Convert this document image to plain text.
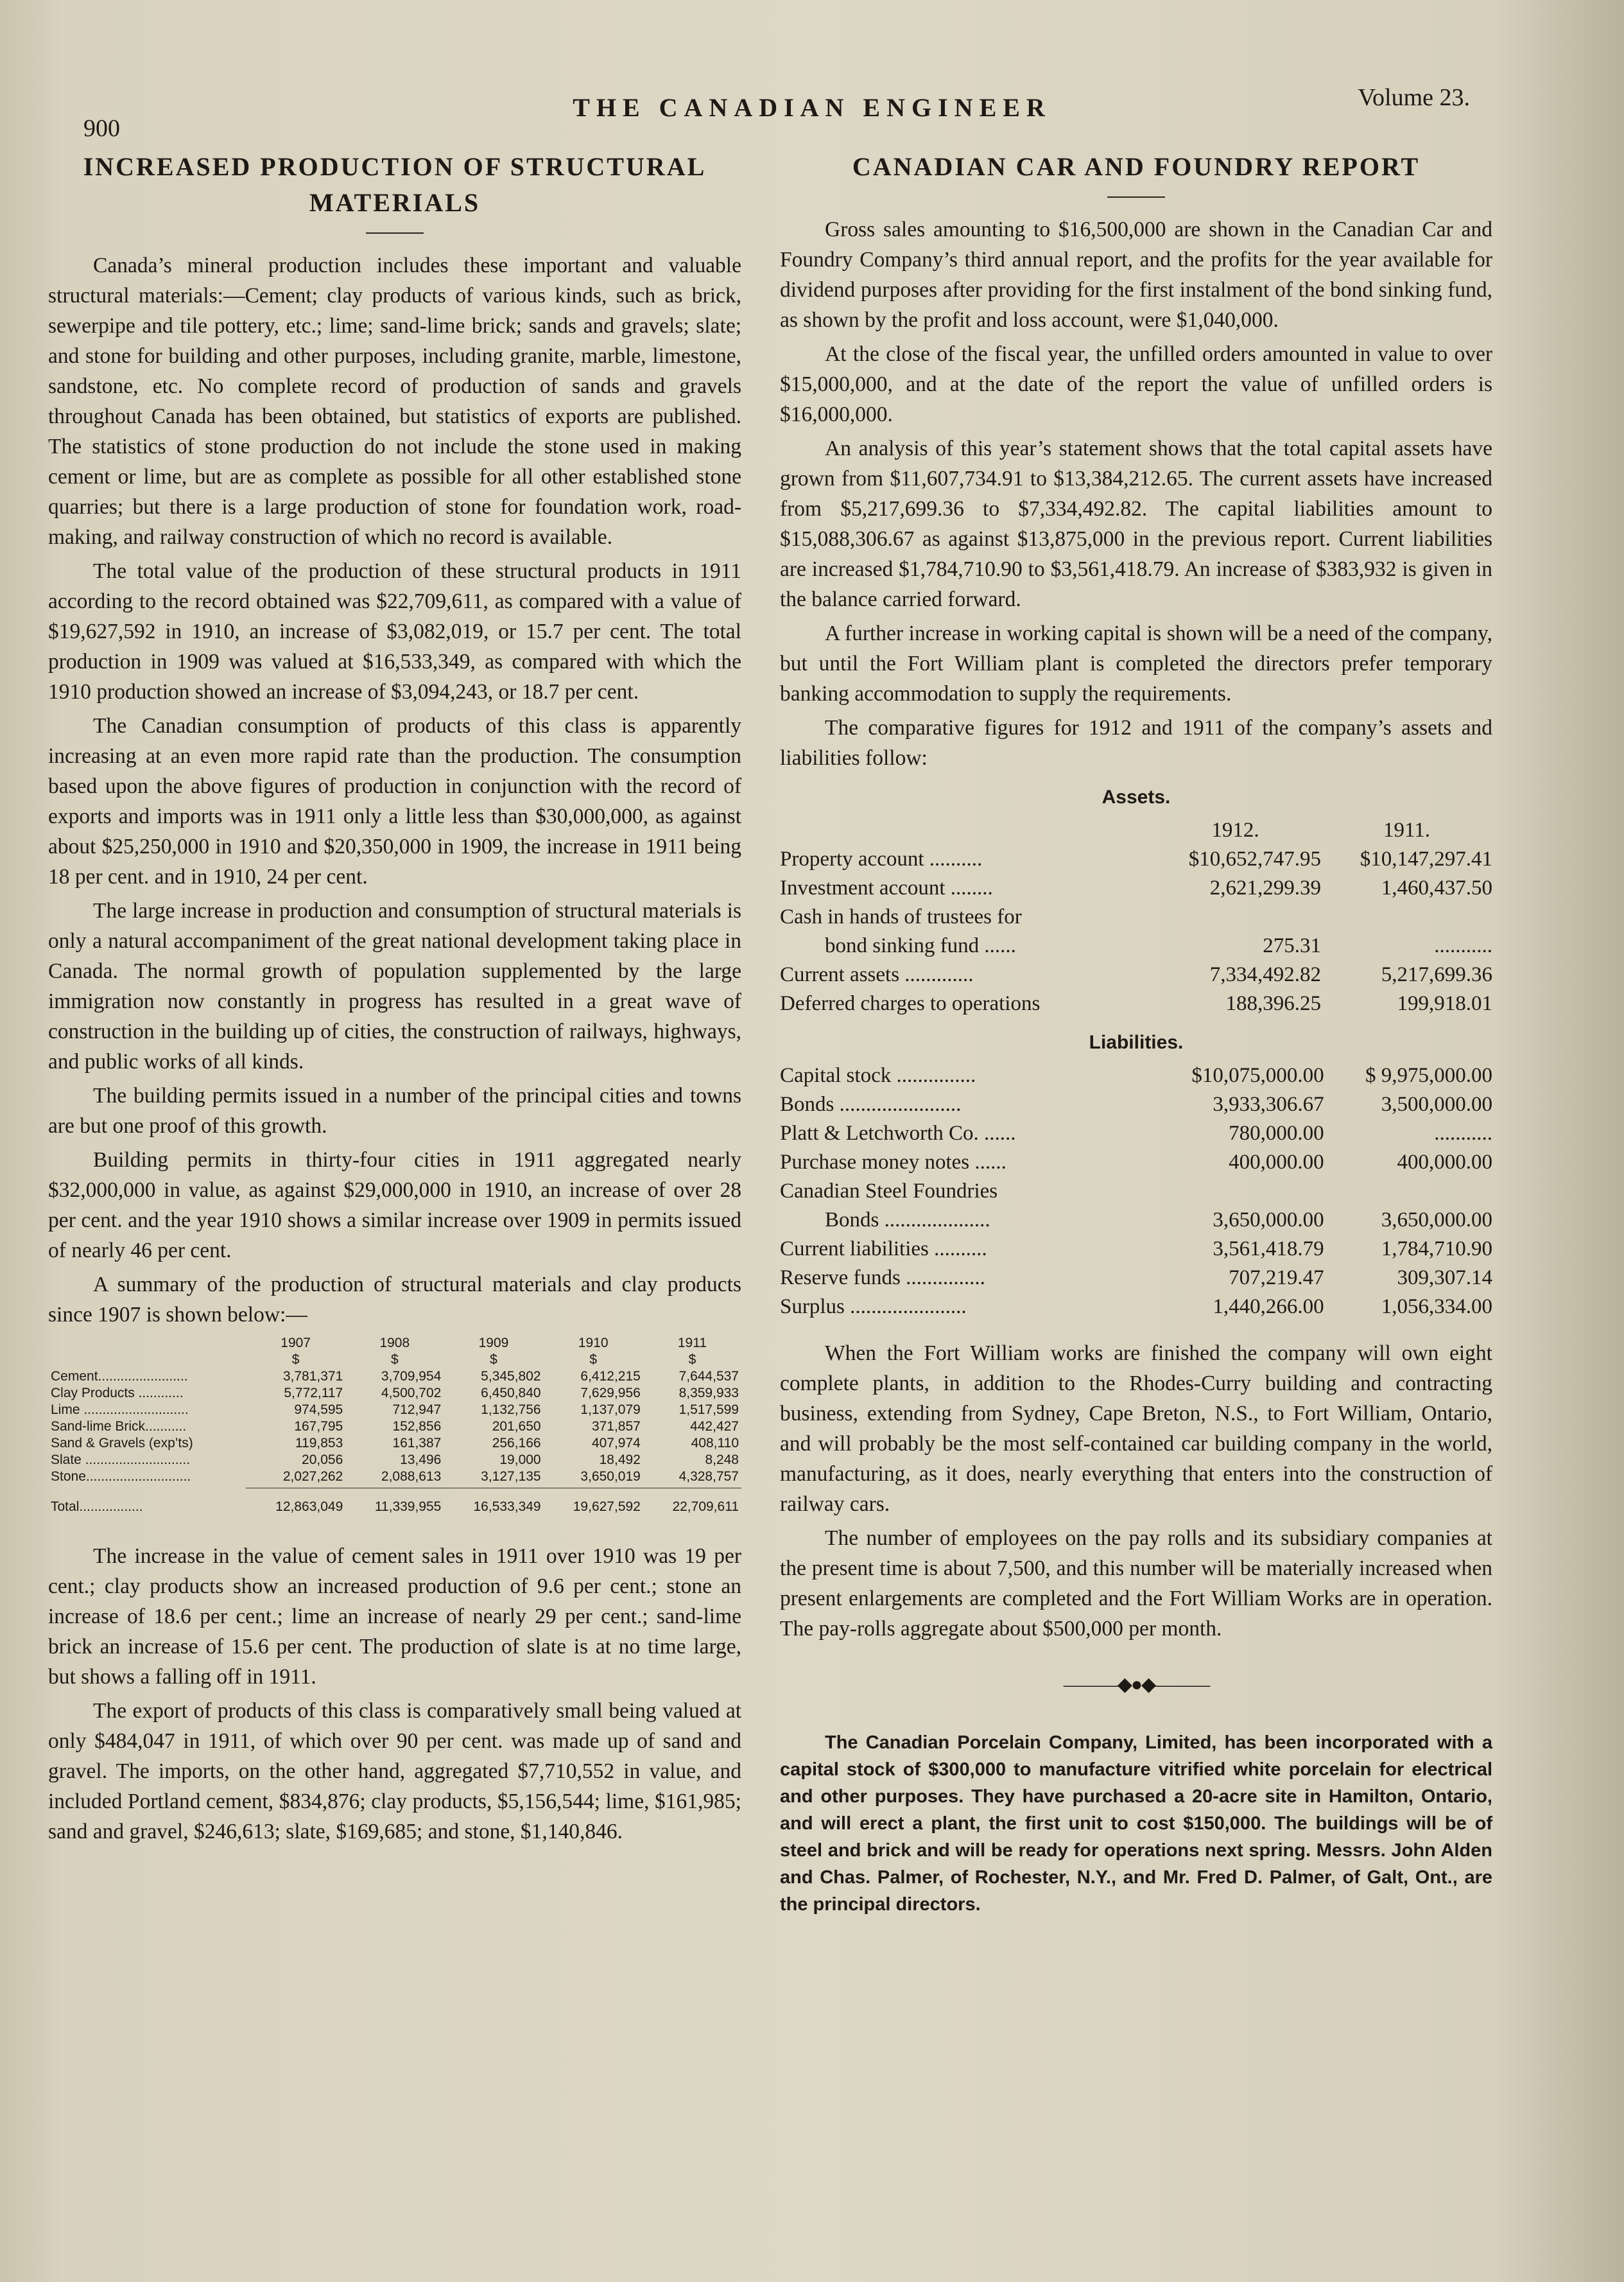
900
THE CANADIAN ENGINEER	Volume 23.
INCREASED PRODUCTION OF STRUCTURAL
MATERIALS

Canada’s mineral production includes these important and valuable structural materials:—Cement; clay products of various kinds, such as brick, sewerpipe and tile pottery, etc.; lime; sand-lime brick; sands and gravels; slate; and stone for building and other purposes, including granite, marble, limestone, sandstone, etc. No complete record of production of sands and gravels throughout Canada has been obtained, but statistics of exports are published. The statistics of stone production do not include the stone used in making cement or lime, but are as complete as possible for all other established stone quarries; but there is a large production of stone for foundation work, road-making, and railway construction of which no record is available.

The total value of the production of these structural products in 1911 according to the record obtained was $22,709,611, as compared with a value of $19,627,592 in 1910, an increase of $3,082,019, or 15.7 per cent. The total production in 1909 was valued at $16,533,349, as compared with which the 1910 production showed an increase of $3,094,243, or 18.7 per cent.

The Canadian consumption of products of this class is apparently increasing at an even more rapid rate than the production. The consumption based upon the above figures of production in conjunction with the record of exports and imports was in 1911 only a little less than $30,000,000, as against about $25,250,000 in 1910 and $20,350,000 in 1909, the increase in 1911 being 18 per cent. and in 1910, 24 per cent.

The large increase in production and consumption of structural materials is only a natural accompaniment of the great national development taking place in Canada. The normal growth of population supplemented by the large immigration now constantly in progress has resulted in a great wave of construction in the building up of cities, the construction of railways, highways, and public works of all kinds.

The building permits issued in a number of the principal cities and towns are but one proof of this growth.

Building permits in thirty-four cities in 1911 aggregated nearly $32,000,000 in value, as against $29,000,000 in 1910, an increase of over 28 per cent. and the year 1910 shows a similar increase over 1909 in permits issued of nearly 46 per cent.

A summary of the production of structural materials and clay products since 1907 is shown below:—

	1907	1908	1909	1910	1911
	$	$	$	$	$
Cement........................	3,781,371	3,709,954	5,345,802	6,412,215	7,644,537
Clay Products ............	5,772,117	4,500,702	6,450,840	7,629,956	8,359,933
Lime ............................	974,595	712,947	1,132,756	1,137,079	1,517,599
Sand-lime Brick...........	167,795	152,856	201,650	371,857	442,427
Sand & Gravels (exp’ts)	119,853	161,387	256,166	407,974	408,110
Slate ............................	20,056	13,496	19,000	18,492	8,248
Stone............................	2,027,262	2,088,613	3,127,135	3,650,019	4,328,757

Total.................	12,863,049	11,339,955	16,533,349	19,627,592	22,709,611

The increase in the value of cement sales in 1911 over 1910 was 19 per cent.; clay products show an increased production of 9.6 per cent.; stone an increase of 18.6 per cent.; lime an increase of nearly 29 per cent.; sand-lime brick an increase of 15.6 per cent. The production of slate is at no time large, but shows a falling off in 1911.

The export of products of this class is comparatively small being valued at only $484,047 in 1911, of which over 90 per cent. was made up of sand and gravel. The imports, on the other hand, aggregated $7,710,552 in value, and included Portland cement, $834,876; clay products, $5,156,544; lime, $161,985; sand and gravel, $246,613; slate, $169,685; and stone, $1,140,846.

CANADIAN CAR AND FOUNDRY REPORT

Gross sales amounting to $16,500,000 are shown in the Canadian Car and Foundry Company’s third annual report, and the profits for the year available for dividend purposes after providing for the first instalment of the bond sinking fund, as shown by the profit and loss account, were $1,040,000.

At the close of the fiscal year, the unfilled orders amounted in value to over $15,000,000, and at the date of the report the value of unfilled orders is $16,000,000.

An analysis of this year’s statement shows that the total capital assets have grown from $11,607,734.91 to $13,384,212.65. The current assets have increased from $5,217,699.36 to $7,334,492.82. The capital liabilities amount to $15,088,306.67 as against $13,875,000 in the previous report. Current liabilities are increased $1,784,710.90 to $3,561,418.79. An increase of $383,932 is given in the balance carried forward.

A further increase in working capital is shown will be a need of the company, but until the Fort William plant is completed the directors prefer temporary banking accommodation to supply the requirements.

The comparative figures for 1912 and 1911 of the company’s assets and liabilities follow:

Assets.
	1912.	1911.
Property account ..........	$10,652,747.95	$10,147,297.41
Investment account ........	2,621,299.39	1,460,437.50
Cash in hands of trustees for		
bond sinking fund ......	275.31	...........
Current assets .............	7,334,492.82	5,217,699.36
Deferred charges to operations	188,396.25	199,918.01
Liabilities.
Capital stock ...............	$10,075,000.00	$ 9,975,000.00
Bonds .......................	3,933,306.67	3,500,000.00
Platt & Letchworth Co. ......	780,000.00	...........
Purchase money notes ......	400,000.00	400,000.00
Canadian Steel Foundries		
Bonds ....................	3,650,000.00	3,650,000.00
Current liabilities ..........	3,561,418.79	1,784,710.90
Reserve funds ...............	707,219.47	309,307.14
Surplus ......................	1,440,266.00	1,056,334.00

When the Fort William works are finished the company will own eight complete plants, in addition to the Rhodes-Curry building and contracting business, extending from Sydney, Cape Breton, N.S., to Fort William, Ontario, and will probably be the most self-contained car building company in the world, manufacturing, as it does, nearly everything that enters into the construction of railway cars.

The number of employees on the pay rolls and its subsidiary companies at the present time is about 7,500, and this number will be materially increased when present enlargements are completed and the Fort William Works are in operation. The pay-rolls aggregate about $500,000 per month.

———◆●◆———

The Canadian Porcelain Company, Limited, has been incorporated with a capital stock of $300,000 to manufacture vitrified white porcelain for electrical and other purposes. They have purchased a 20-acre site in Hamilton, Ontario, and will erect a plant, the first unit to cost $150,000. The buildings will be of steel and brick and will be ready for operations next spring. Messrs. John Alden and Chas. Palmer, of Rochester, N.Y., and Mr. Fred D. Palmer, of Galt, Ont., are the principal directors.
